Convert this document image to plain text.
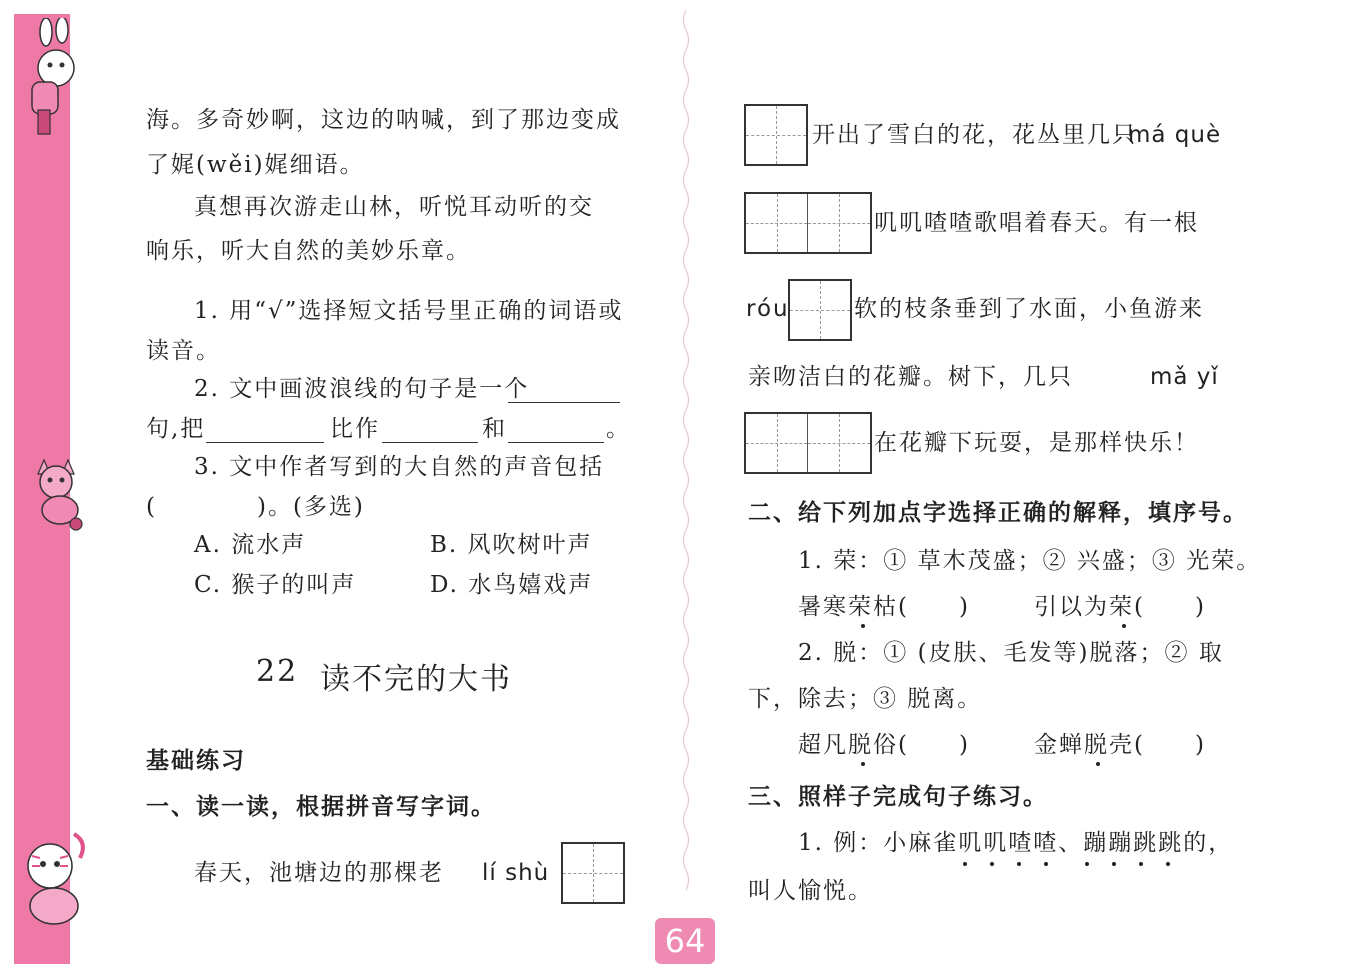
海。多奇妙啊，这边的呐喊，到了那边变成
了娓(wěi)娓细语。
真想再次游走山林，听悦耳动听的交
响乐，听大自然的美妙乐章。
1. 用“√”选择短文括号里正确的词语或
读音。
2. 文中画波浪线的句子是一个
句,把	比作	和	。
3. 文中作者写到的大自然的声音包括
(　　　　)。(多选)
A. 流水声	B. 风吹树叶声
C. 猴子的叫声	D. 水鸟嬉戏声
22 读不完的大书
基础练习
一、读一读，根据拼音写字词。
春天，池塘边的那棵老 lí shù
开出了雪白的花，花丛里几只
má què
叽叽喳喳歌唱着春天。有一根
róu	软的枝条垂到了水面，小鱼游来
亲吻洁白的花瓣。树下，几只	mǎ yǐ
在花瓣下玩耍，是那样快乐！
二、给下列加点字选择正确的解释，填序号。
1. 荣：① 草木茂盛；② 兴盛；③ 光荣。
暑寒荣枯(　　)	引以为荣(　　)
2. 脱：① (皮肤、毛发等)脱落；② 取
下，除去；③ 脱离。
超凡脱俗(　　)	金蝉脱壳(　　)
三、照样子完成句子练习。
1. 例：小麻雀叽叽喳喳、蹦蹦跳跳的，
叫人愉悦。
64
